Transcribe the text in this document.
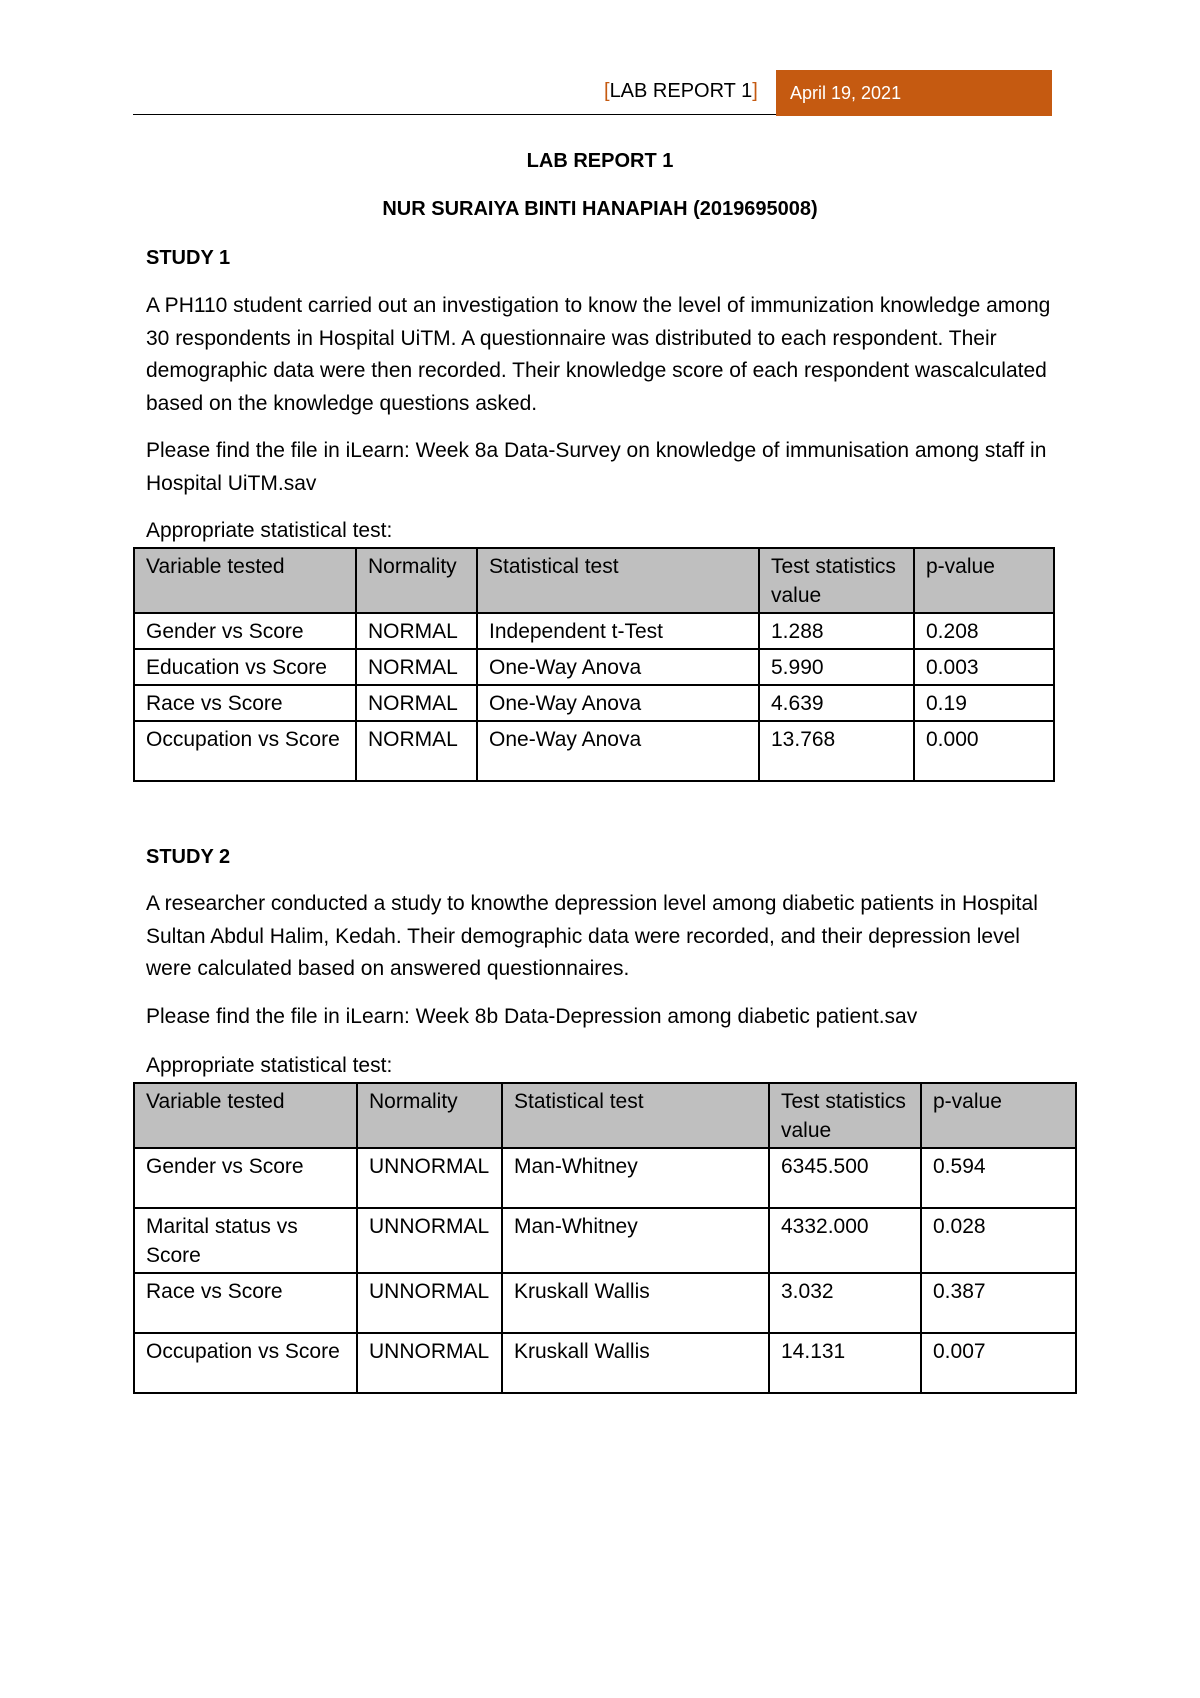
[LAB REPORT 1] April 19, 2021
LAB REPORT 1
NUR SURAIYA BINTI HANAPIAH (2019695008)
STUDY 1

A PH110 student carried out an investigation to know the level of immunization knowledge among 30 respondents in Hospital UiTM. A questionnaire was distributed to each respondent. Their demographic data were then recorded. Their knowledge score of each respondent wascalculated based on the knowledge questions asked.

Please find the file in iLearn: Week 8a Data-Survey on knowledge of immunisation among staff in Hospital UiTM.sav

Appropriate statistical test:
Variable tested	Normality	Statistical test	Test statistics value	p-value
Gender vs Score	NORMAL	Independent t-Test	1.288	0.208
Education vs Score	NORMAL	One-Way Anova	5.990	0.003
Race vs Score	NORMAL	One-Way Anova	4.639	0.19
Occupation vs Score	NORMAL	One-Way Anova	13.768	0.000
STUDY 2

A researcher conducted a study to knowthe depression level among diabetic patients in Hospital Sultan Abdul Halim, Kedah. Their demographic data were recorded, and their depression level were calculated based on answered questionnaires.

Please find the file in iLearn: Week 8b Data-Depression among diabetic patient.sav

Appropriate statistical test:
Variable tested	Normality	Statistical test	Test statistics value	p-value
Gender vs Score	UNNORMAL	Man-Whitney	6345.500	0.594
Marital status vs Score	UNNORMAL	Man-Whitney	4332.000	0.028
Race vs Score	UNNORMAL	Kruskall Wallis	3.032	0.387
Occupation vs Score	UNNORMAL	Kruskall Wallis	14.131	0.007
